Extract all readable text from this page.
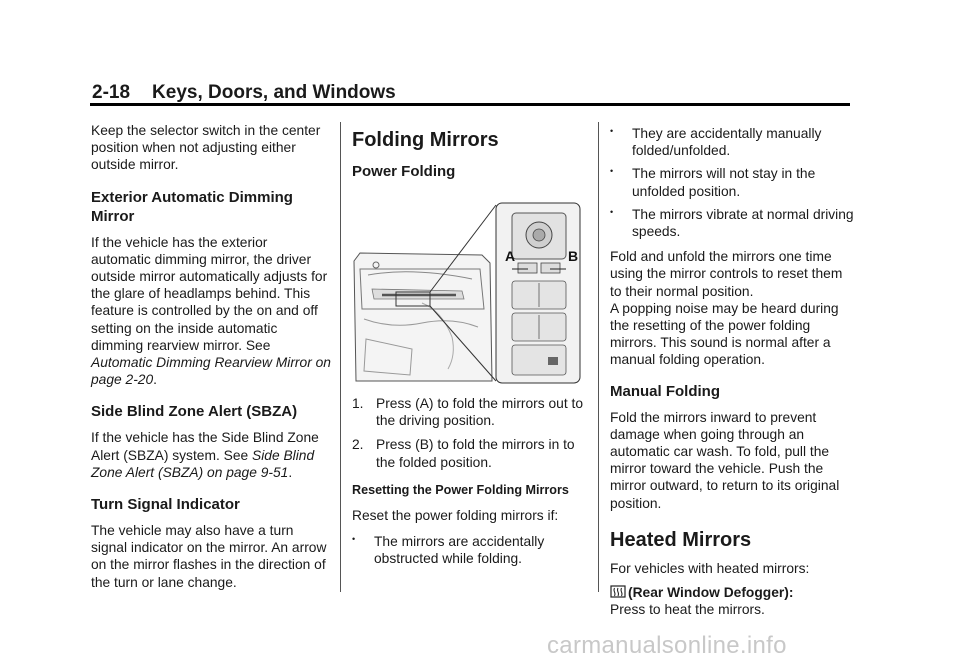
2-18 Keys, Doors, and Windows

Keep the selector switch in the center position when not adjusting either outside mirror.

Exterior Automatic Dimming Mirror

If the vehicle has the exterior automatic dimming mirror, the driver outside mirror automatically adjusts for the glare of headlamps behind. This feature is controlled by the on and off setting on the inside automatic dimming rearview mirror. See Automatic Dimming Rearview Mirror on page 2-20.

Side Blind Zone Alert (SBZA)

If the vehicle has the Side Blind Zone Alert (SBZA) system. See Side Blind Zone Alert (SBZA) on page 9-51.

Turn Signal Indicator

The vehicle may also have a turn signal indicator on the mirror. An arrow on the mirror flashes in the direction of the turn or lane change.

Folding Mirrors
Power Folding
A	B
1. Press (A) to fold the mirrors out to the driving position.
2. Press (B) to fold the mirrors in to the folded position.
Resetting the Power Folding Mirrors

Reset the power folding mirrors if:

•	The mirrors are accidentally obstructed while folding.
•	They are accidentally manually folded/unfolded.
•	The mirrors will not stay in the unfolded position.
•	The mirrors vibrate at normal driving speeds.

Fold and unfold the mirrors one time using the mirror controls to reset them to their normal position.

A popping noise may be heard during the resetting of the power folding mirrors. This sound is normal after a manual folding operation.

Manual Folding

Fold the mirrors inward to prevent damage when going through an automatic car wash. To fold, pull the mirror toward the vehicle. Push the mirror outward, to return to its original position.

Heated Mirrors

For vehicles with heated mirrors:

(Rear Window Defogger):

Press to heat the mirrors.

carmanualsonline.info
